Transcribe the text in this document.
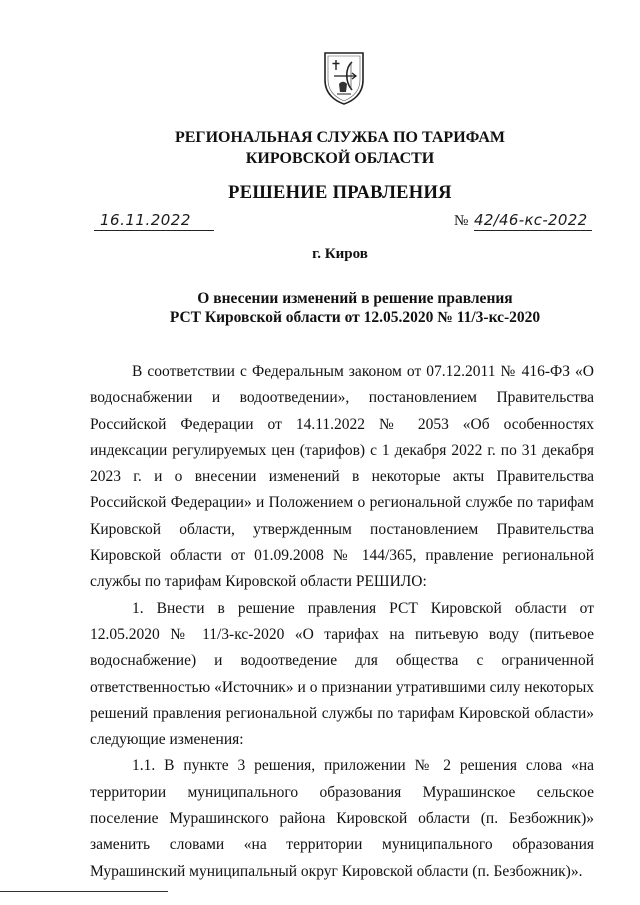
РЕГИОНАЛЬНАЯ СЛУЖБА ПО ТАРИФАМ
КИРОВСКОЙ ОБЛАСТИ
РЕШЕНИЕ ПРАВЛЕНИЯ
16.11.2022	№ 42/46-кс-2022
г. Киров
О внесении изменений в решение правления
РСТ Кировской области от 12.05.2020 № 11/3-кс-2020

В соответствии с Федеральным законом от 07.12.2011 № 416-ФЗ «О водоснабжении и водоотведении», постановлением Правительства Российской Федерации от 14.11.2022 № 2053 «Об особенностях индексации регулируемых цен (тарифов) с 1 декабря 2022 г. по 31 декабря 2023 г. и о внесении изменений в некоторые акты Правительства Российской Федерации» и Положением о региональной службе по тарифам Кировской области, утвержденным постановлением Правительства Кировской области от 01.09.2008 № 144/365, правление региональной службы по тарифам Кировской области РЕШИЛО:

1. Внести в решение правления РСТ Кировской области от 12.05.2020 № 11/3-кс-2020 «О тарифах на питьевую воду (питьевое водоснабжение) и водоотведение для общества с ограниченной ответственностью «Источник» и о признании утратившими силу некоторых решений правления региональной службы по тарифам Кировской области» следующие изменения:

1.1. В пункте 3 решения, приложении № 2 решения слова «на территории муниципального образования Мурашинское сельское поселение Мурашинского района Кировской области (п. Безбожник)» заменить словами «на территории муниципального образования Мурашинский муниципальный округ Кировской области (п. Безбожник)».
